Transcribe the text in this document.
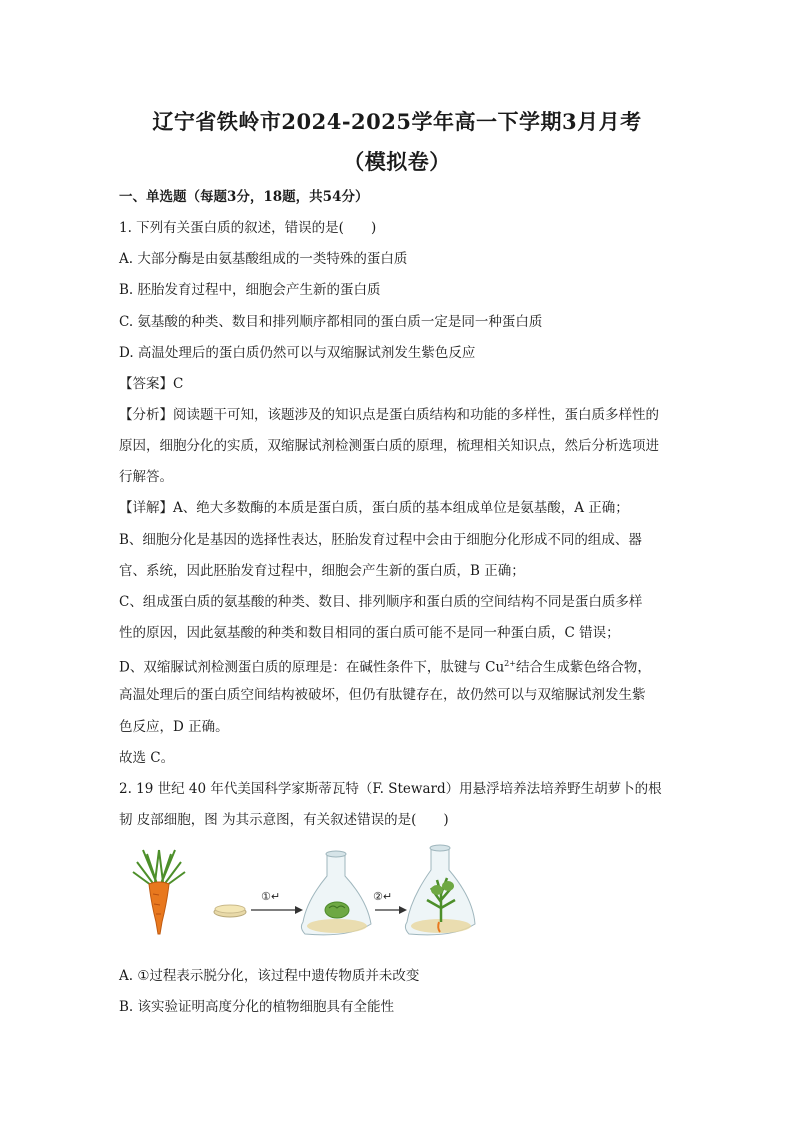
辽宁省铁岭市2024-2025学年高一下学期3月月考
（模拟卷）
一、单选题（每题3分，18题，共54分）
1. 下列有关蛋白质的叙述，错误的是(　　)
A. 大部分酶是由氨基酸组成的一类特殊的蛋白质
B. 胚胎发育过程中，细胞会产生新的蛋白质
C. 氨基酸的种类、数目和排列顺序都相同的蛋白质一定是同一种蛋白质
D. 高温处理后的蛋白质仍然可以与双缩脲试剂发生紫色反应
【答案】C
【分析】阅读题干可知，该题涉及的知识点是蛋白质结构和功能的多样性，蛋白质多样性的
原因，细胞分化的实质，双缩脲试剂检测蛋白质的原理，梳理相关知识点，然后分析选项进
行解答。
【详解】A、绝大多数酶的本质是蛋白质，蛋白质的基本组成单位是氨基酸，A 正确；
B、细胞分化是基因的选择性表达，胚胎发育过程中会由于细胞分化形成不同的组成、器
官、系统，因此胚胎发育过程中，细胞会产生新的蛋白质，B 正确；
C、组成蛋白质的氨基酸的种类、数目、排列顺序和蛋白质的空间结构不同是蛋白质多样
性的原因，因此氨基酸的种类和数目相同的蛋白质可能不是同一种蛋白质，C 错误；
D、双缩脲试剂检测蛋白质的原理是：在碱性条件下，肽键与 $Cu^{2+}$结合生成紫色络合物，
高温处理后的蛋白质空间结构被破坏，但仍有肽键存在，故仍然可以与双缩脲试剂发生紫
色反应，D 正确。
故选 C。
2. 19 世纪 40 年代美国科学家斯蒂瓦特（F. Steward）用悬浮培养法培养野生胡萝卜的根
韧 皮部细胞，图 为其示意图，有关叙述错误的是(　　)
①↵	②↵
A. ①过程表示脱分化，该过程中遗传物质并未改变
B. 该实验证明高度分化的植物细胞具有全能性
